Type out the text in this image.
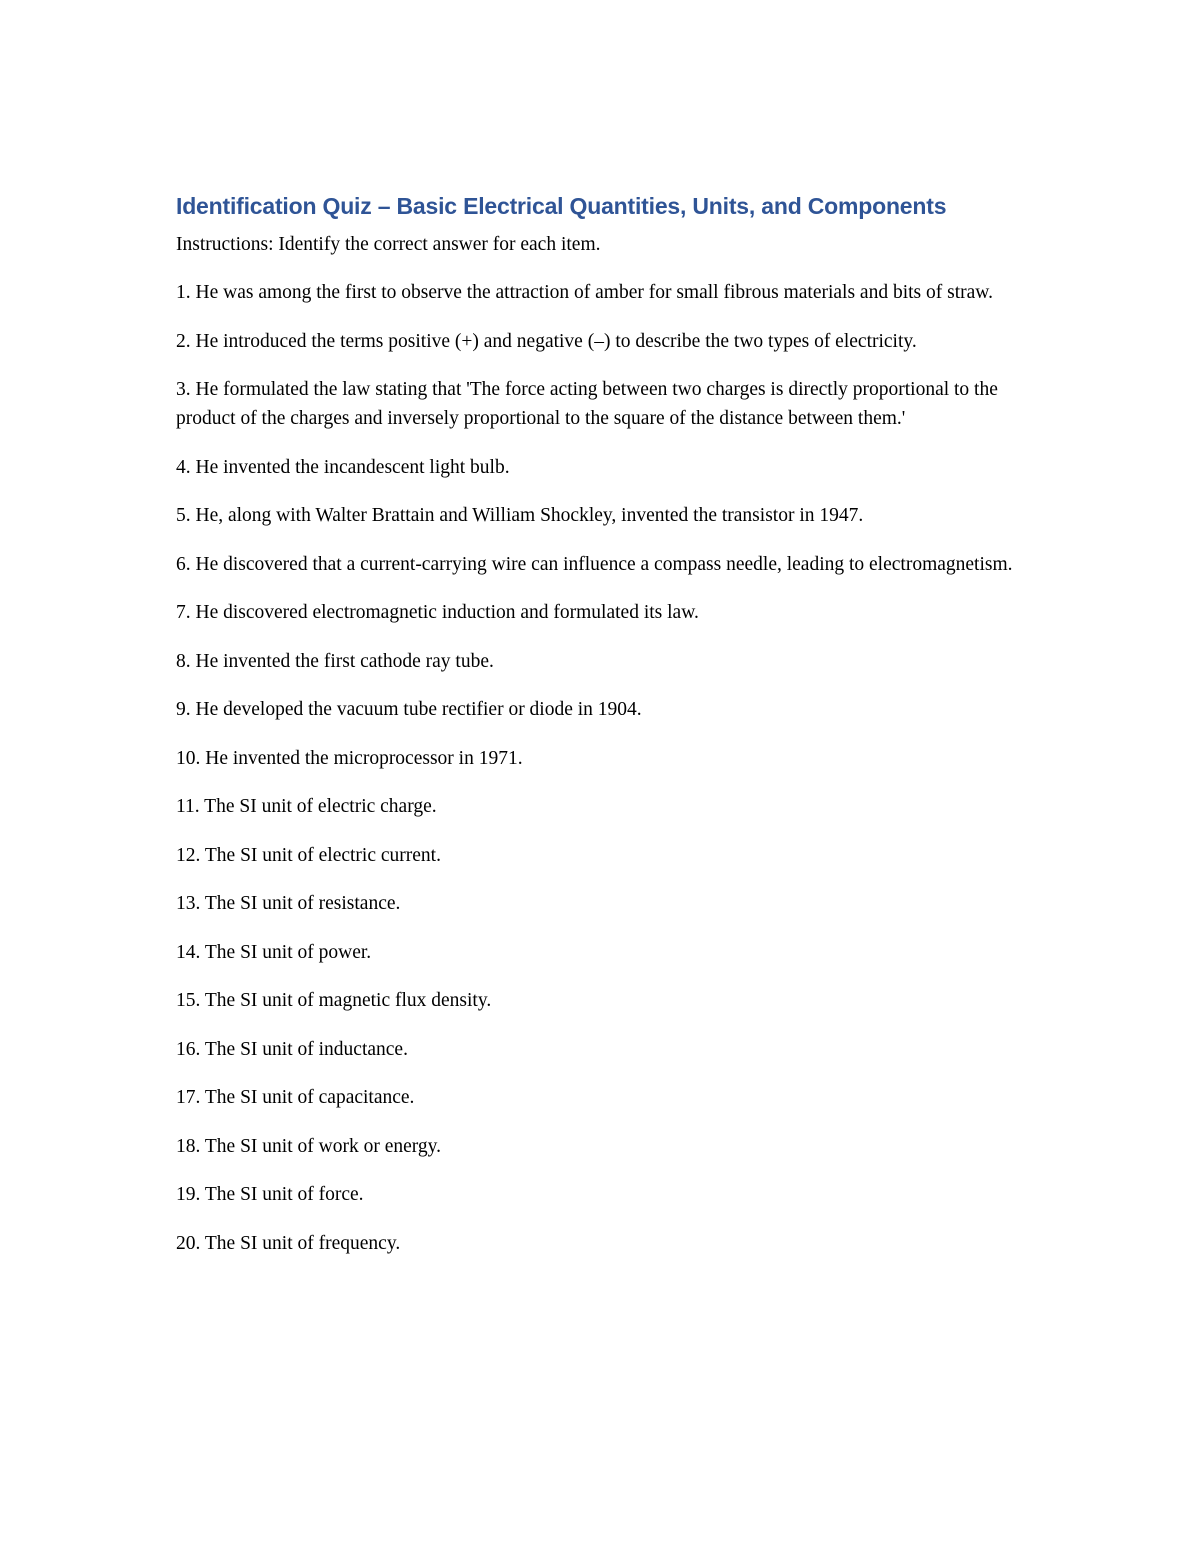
Identification Quiz – Basic Electrical Quantities, Units, and Components
Instructions: Identify the correct answer for each item.

1. He was among the first to observe the attraction of amber for small fibrous materials and bits of straw.

2. He introduced the terms positive (+) and negative (–) to describe the two types of electricity.

3. He formulated the law stating that 'The force acting between two charges is directly proportional to the product of the charges and inversely proportional to the square of the distance between them.'

4. He invented the incandescent light bulb.

5. He, along with Walter Brattain and William Shockley, invented the transistor in 1947.

6. He discovered that a current-carrying wire can influence a compass needle, leading to electromagnetism.

7. He discovered electromagnetic induction and formulated its law.

8. He invented the first cathode ray tube.

9. He developed the vacuum tube rectifier or diode in 1904.

10. He invented the microprocessor in 1971.

11. The SI unit of electric charge.

12. The SI unit of electric current.

13. The SI unit of resistance.

14. The SI unit of power.

15. The SI unit of magnetic flux density.

16. The SI unit of inductance.

17. The SI unit of capacitance.

18. The SI unit of work or energy.

19. The SI unit of force.

20. The SI unit of frequency.
